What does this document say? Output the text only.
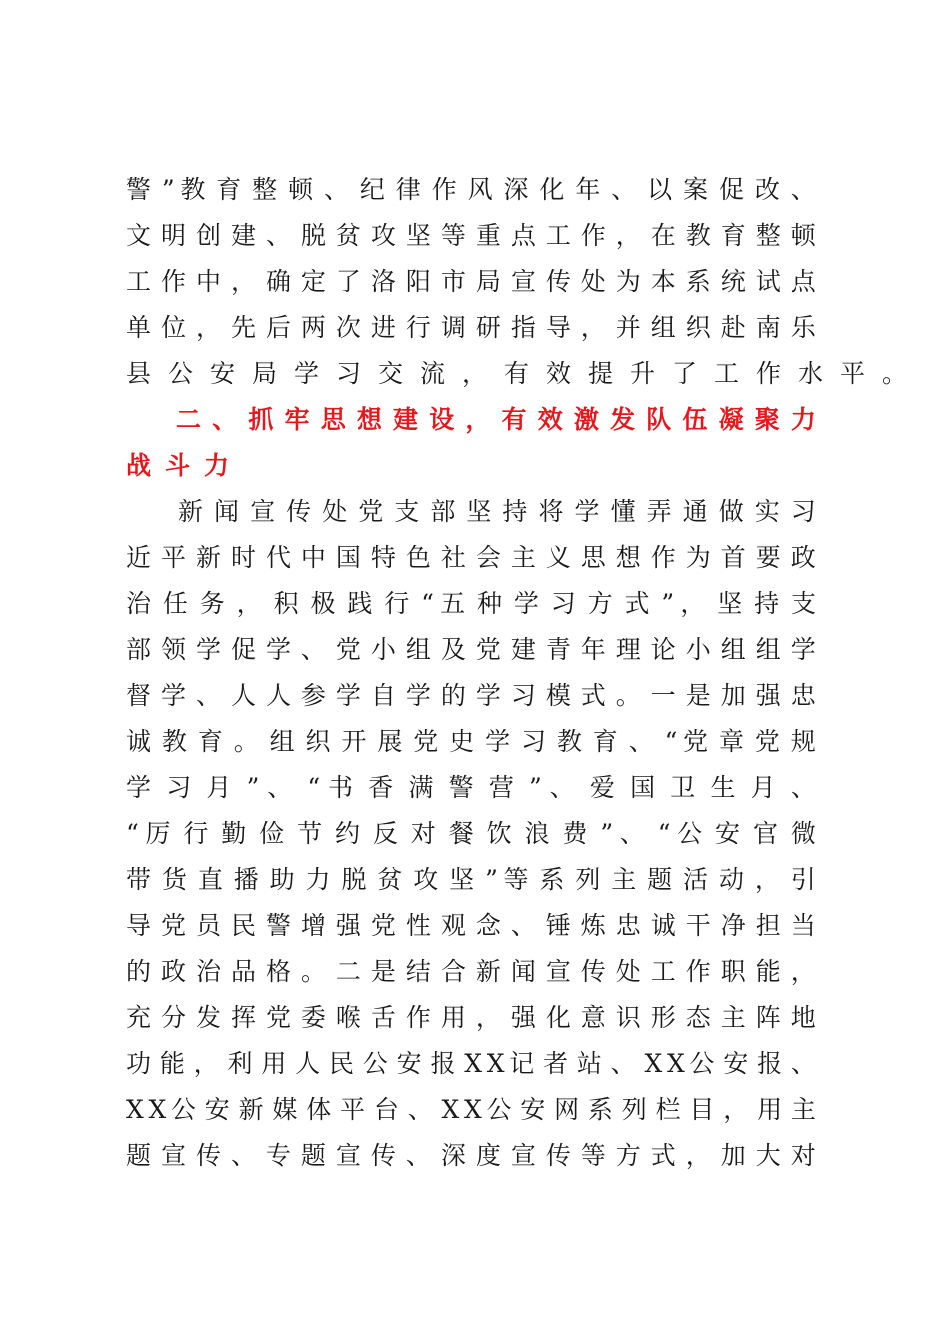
警 ” 教 育 整 顿 、 纪 律 作 风 深 化 年 、 以 案 促 改 、
文 明 创 建 、 脱 贫 攻 坚 等 重 点 工 作 ， 在 教 育 整 顿
工 作 中 ， 确 定 了 洛 阳 市 局 宣 传 处 为 本 系 统 试 点
单 位 ， 先 后 两 次 进 行 调 研 指 导 ， 并 组 织 赴 南 乐
县公安局学习交流，有效提升了工作水平。
二 、 抓 牢 思 想 建 设 ， 有 效 激 发 队 伍 凝 聚 力
战斗力
新 闻 宣 传 处 党 支 部 坚 持 将 学 懂 弄 通 做 实 习
近 平 新 时 代 中 国 特 色 社 会 主 义 思 想 作 为 首 要 政
治 任 务 ， 积 极 践 行 “ 五 种 学 习 方 式 ” ， 坚 持 支
部 领 学 促 学 、 党 小 组 及 党 建 青 年 理 论 小 组 组 学
督 学 、 人 人 参 学 自 学 的 学 习 模 式 。 一 是 加 强 忠
诚 教 育 。 组 织 开 展 党 史 学 习 教 育 、 “ 党 章 党 规
学 习 月 ” 、 “ 书 香 满 警 营 ” 、 爱 国 卫 生 月 、
“ 厉 行 勤 俭 节 约 反 对 餐 饮 浪 费 ” 、 “ 公 安 官 微
带 货 直 播 助 力 脱 贫 攻 坚 ” 等 系 列 主 题 活 动 ， 引
导 党 员 民 警 增 强 党 性 观 念 、 锤 炼 忠 诚 干 净 担 当
的 政 治 品 格 。 二 是 结 合 新 闻 宣 传 处 工 作 职 能 ，
充 分 发 挥 党 委 喉 舌 作 用 ， 强 化 意 识 形 态 主 阵 地
功 能 ， 利 用 人 民 公 安 报 X X 记 者 站 、 X X 公 安 报 、
X X 公 安 新 媒 体 平 台 、 X X 公 安 网 系 列 栏 目 ， 用 主
题 宣 传 、 专 题 宣 传 、 深 度 宣 传 等 方 式 ， 加 大 对
